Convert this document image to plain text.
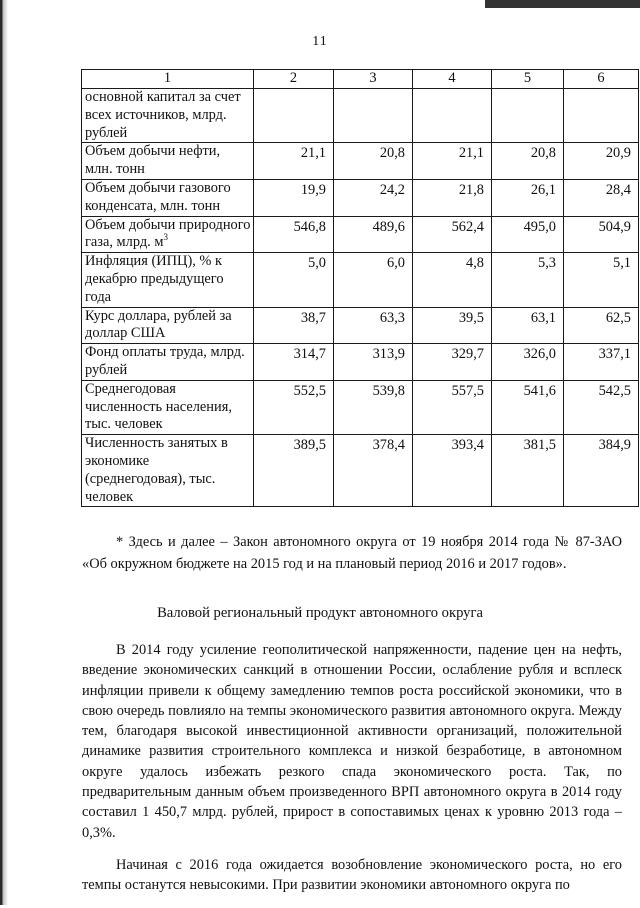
11
1	2	3	4	5	6
основной капитал за счет всех источников, млрд. рублей					
Объем добычи нефти, млн. тонн	21,1	20,8	21,1	20,8	20,9
Объем добычи газового конденсата, млн. тонн	19,9	24,2	21,8	26,1	28,4
Объем добычи природного газа, млрд. $м^3$	546,8	489,6	562,4	495,0	504,9
Инфляция (ИПЦ), % к декабрю предыдущего года	5,0	6,0	4,8	5,3	5,1
Курс доллара, рублей за доллар США	38,7	63,3	39,5	63,1	62,5
Фонд оплаты труда, млрд. рублей	314,7	313,9	329,7	326,0	337,1
Среднегодовая численность населения, тыс. человек	552,5	539,8	557,5	541,6	542,5
Численность занятых в экономике (среднегодовая), тыс. человек	389,5	378,4	393,4	381,5	384,9

* Здесь и далее – Закон автономного округа от 19 ноября 2014 года № 87-ЗАО «Об окружном бюджете на 2015 год и на плановый период 2016 и 2017 годов».

Валовой региональный продукт автономного округа

В 2014 году усиление геополитической напряженности, падение цен на нефть, введение экономических санкций в отношении России, ослабление рубля и всплеск инфляции привели к общему замедлению темпов роста российской экономики, что в свою очередь повлияло на темпы экономического развития автономного округа. Между тем, благодаря высокой инвестиционной активности организаций, положительной динамике развития строительного комплекса и низкой безработице, в автономном округе удалось избежать резкого спада экономического роста. Так, по предварительным данным объем произведенного ВРП автономного округа в 2014 году составил 1 450,7 млрд. рублей, прирост в сопоставимых ценах к уровню 2013 года – 0,3%.

Начиная с 2016 года ожидается возобновление экономического роста, но его темпы останутся невысокими. При развитии экономики автономного округа по
